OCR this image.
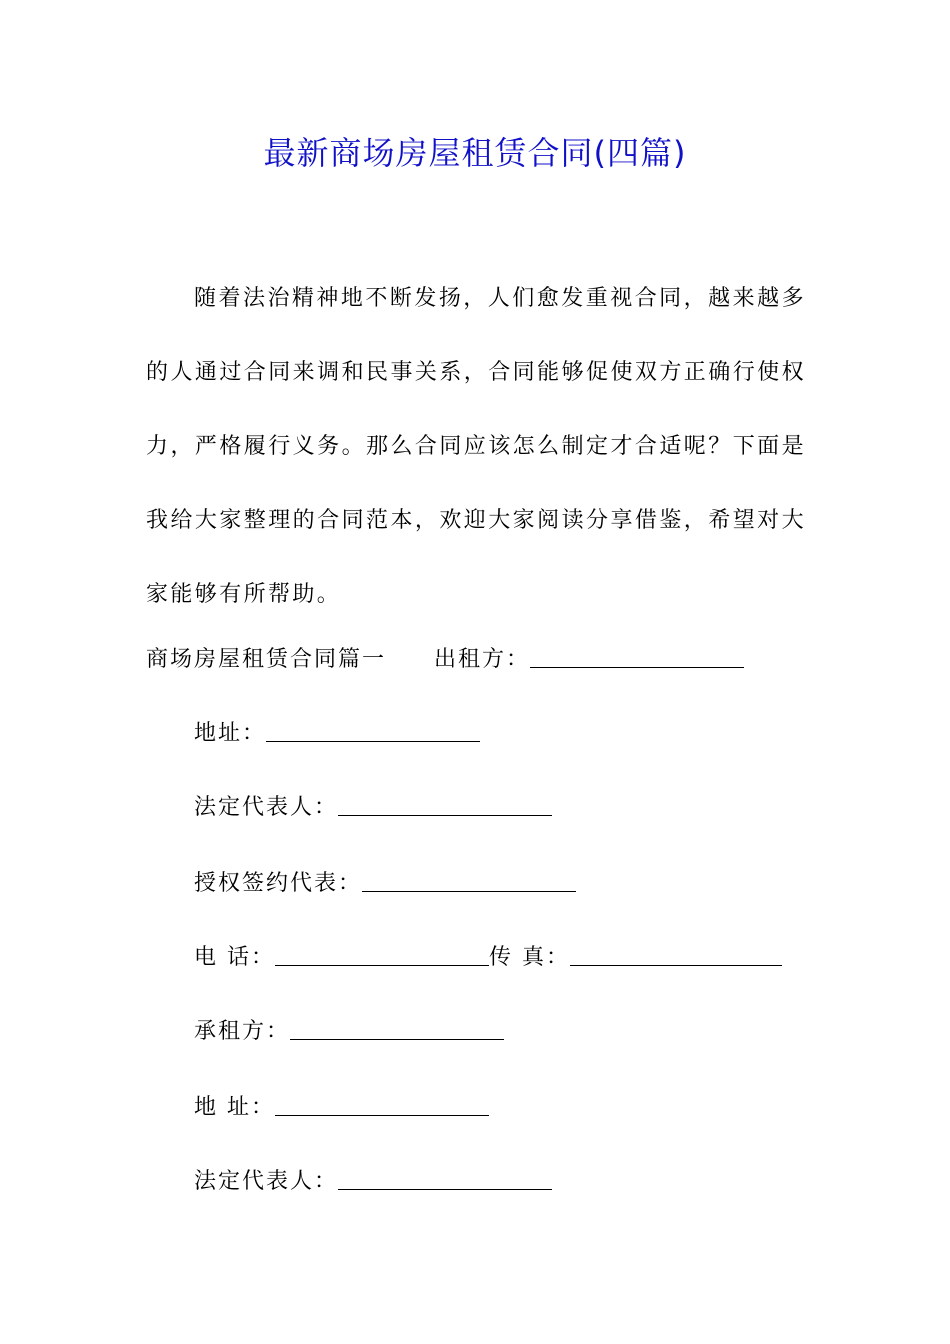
最新商场房屋租赁合同(四篇)

随着法治精神地不断发扬，人们愈发重视合同，越来越多的人通过合同来调和民事关系，合同能够促使双方正确行使权力，严格履行义务。那么合同应该怎么制定才合适呢？下面是我给大家整理的合同范本，欢迎大家阅读分享借鉴，希望对大家能够有所帮助。

商场房屋租赁合同篇一 出租方：
地址：
法定代表人：
授权签约代表：
电 话：	传 真：
承租方：
地 址：
法定代表人：
